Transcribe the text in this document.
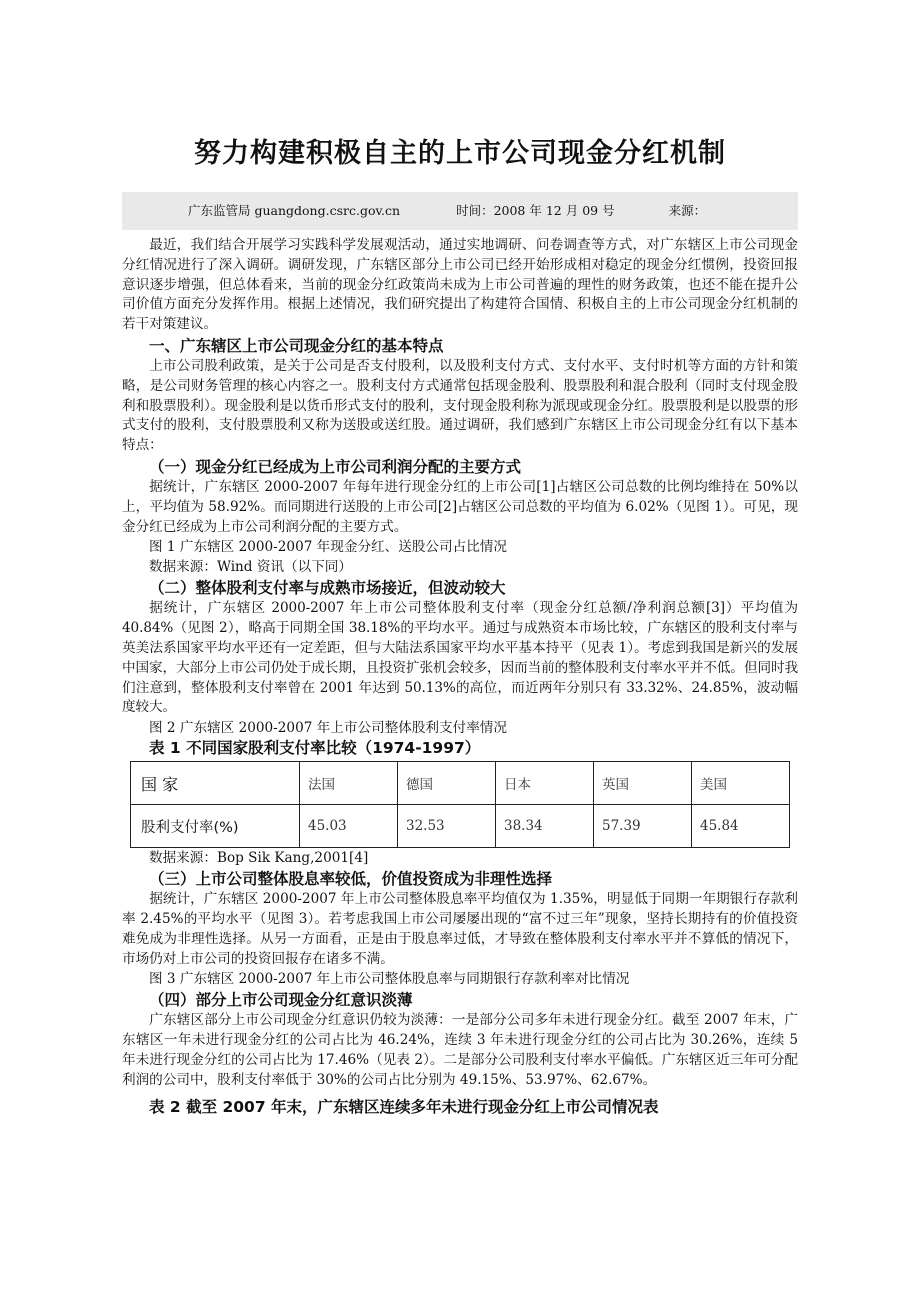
努力构建积极自主的上市公司现金分红机制
广东监管局 guangdong.csrc.gov.cn	时间：2008 年 12 月 09 号	来源：

最近，我们结合开展学习实践科学发展观活动，通过实地调研、问卷调查等方式，对广东辖区上市公司现金分红情况进行了深入调研。调研发现，广东辖区部分上市公司已经开始形成相对稳定的现金分红惯例，投资回报意识逐步增强，但总体看来，当前的现金分红政策尚未成为上市公司普遍的理性的财务政策，也还不能在提升公司价值方面充分发挥作用。根据上述情况，我们研究提出了构建符合国情、积极自主的上市公司现金分红机制的若干对策建议。

一、广东辖区上市公司现金分红的基本特点

上市公司股利政策，是关于公司是否支付股利，以及股利支付方式、支付水平、支付时机等方面的方针和策略，是公司财务管理的核心内容之一。股利支付方式通常包括现金股利、股票股利和混合股利（同时支付现金股利和股票股利）。现金股利是以货币形式支付的股利，支付现金股利称为派现或现金分红。股票股利是以股票的形式支付的股利，支付股票股利又称为送股或送红股。通过调研，我们感到广东辖区上市公司现金分红有以下基本特点：

（一）现金分红已经成为上市公司利润分配的主要方式

据统计，广东辖区 2000-2007 年每年进行现金分红的上市公司[1]占辖区公司总数的比例均维持在 50%以上，平均值为 58.92%。而同期进行送股的上市公司[2]占辖区公司总数的平均值为 6.02%（见图 1）。可见，现金分红已经成为上市公司利润分配的主要方式。

图 1 广东辖区 2000-2007 年现金分红、送股公司占比情况

数据来源：Wind 资讯（以下同）

（二）整体股利支付率与成熟市场接近，但波动较大

据统计，广东辖区 2000-2007 年上市公司整体股利支付率（现金分红总额/净利润总额[3]）平均值为 40.84%（见图 2），略高于同期全国 38.18%的平均水平。通过与成熟资本市场比较，广东辖区的股利支付率与英美法系国家平均水平还有一定差距，但与大陆法系国家平均水平基本持平（见表 1）。考虑到我国是新兴的发展中国家，大部分上市公司仍处于成长期，且投资扩张机会较多，因而当前的整体股利支付率水平并不低。但同时我们注意到，整体股利支付率曾在 2001 年达到 50.13%的高位，而近两年分别只有 33.32%、24.85%，波动幅度较大。

图 2 广东辖区 2000-2007 年上市公司整体股利支付率情况

表 1 不同国家股利支付率比较（1974-1997）

国 家	法国	德国	日本	英国	美国
股利支付率(%)	45.03	32.53	38.34	57.39	45.84

数据来源：Bop Sik Kang,2001[4]

（三）上市公司整体股息率较低，价值投资成为非理性选择

据统计，广东辖区 2000-2007 年上市公司整体股息率平均值仅为 1.35%，明显低于同期一年期银行存款利率 2.45%的平均水平（见图 3）。若考虑我国上市公司屡屡出现的“富不过三年”现象，坚持长期持有的价值投资难免成为非理性选择。从另一方面看，正是由于股息率过低，才导致在整体股利支付率水平并不算低的情况下，市场仍对上市公司的投资回报存在诸多不满。

图 3 广东辖区 2000-2007 年上市公司整体股息率与同期银行存款利率对比情况

（四）部分上市公司现金分红意识淡薄

广东辖区部分上市公司现金分红意识仍较为淡薄：一是部分公司多年未进行现金分红。截至 2007 年末，广东辖区一年未进行现金分红的公司占比为 46.24%，连续 3 年未进行现金分红的公司占比为 30.26%，连续 5 年未进行现金分红的公司占比为 17.46%（见表 2）。二是部分公司股利支付率水平偏低。广东辖区近三年可分配利润的公司中，股利支付率低于 30%的公司占比分别为 49.15%、53.97%、62.67%。

表 2 截至 2007 年末，广东辖区连续多年未进行现金分红上市公司情况表
